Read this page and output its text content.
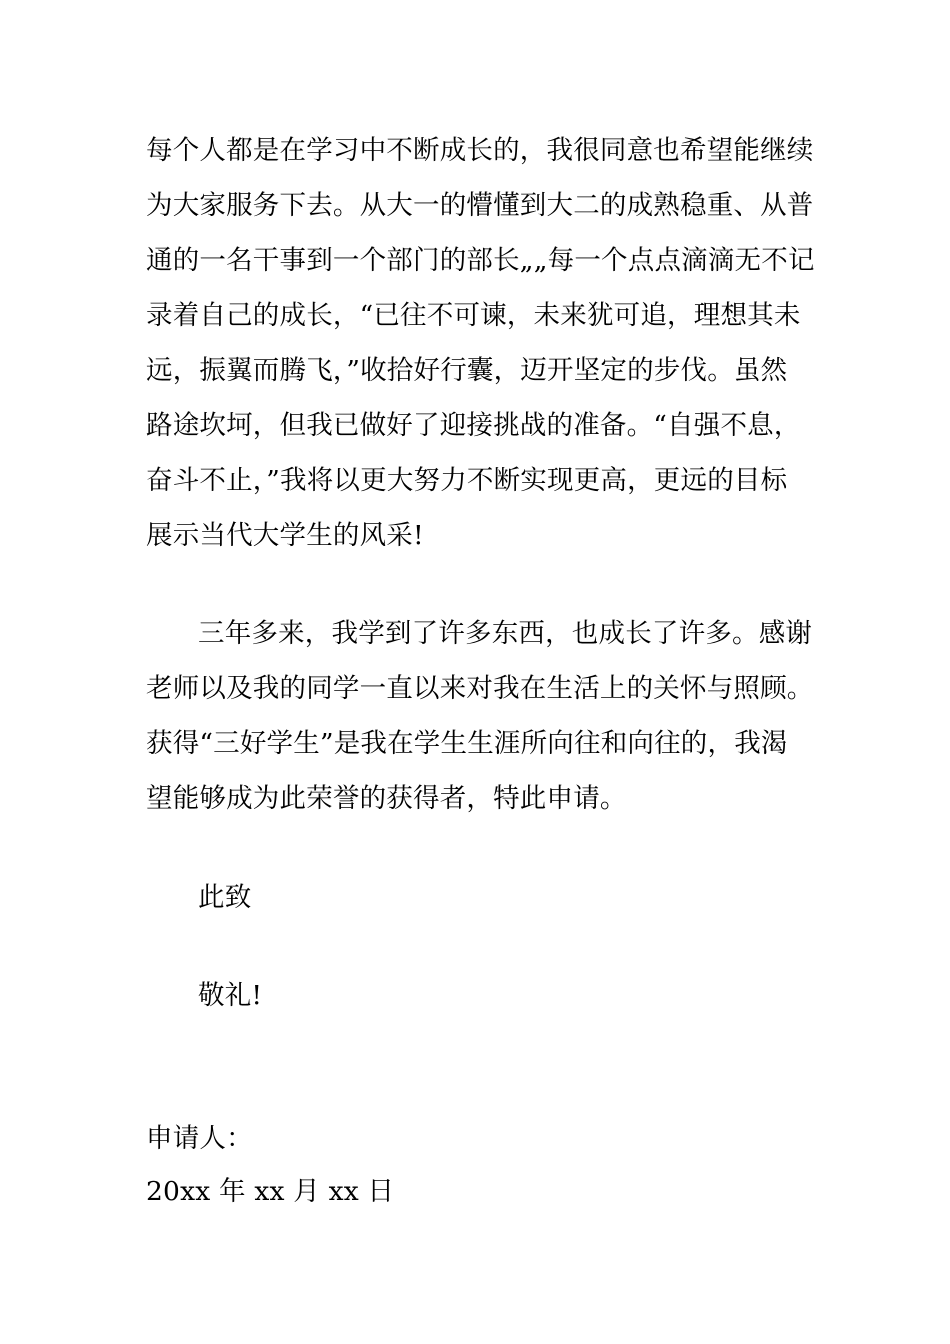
每个人都是在学习中不断成长的，我很同意也希望能继续
为大家服务下去。从大一的懵懂到大二的成熟稳重、从普
通的一名干事到一个部门的部长„„每一个点点滴滴无不记
录着自己的成长，“已往不可谏，未来犹可追，理想其未
远，振翼而腾飞，”收拾好行囊，迈开坚定的步伐。虽然
路途坎坷，但我已做好了迎接挑战的准备。“自强不息，
奋斗不止，”我将以更大努力不断实现更高，更远的目标
展示当代大学生的风采!
三年多来，我学到了许多东西，也成长了许多。感谢
老师以及我的同学一直以来对我在生活上的关怀与照顾。
获得“三好学生”是我在学生生涯所向往和向往的，我渴
望能够成为此荣誉的获得者，特此申请。
此致
敬礼!
申请人：
20xx 年 xx 月 xx 日
